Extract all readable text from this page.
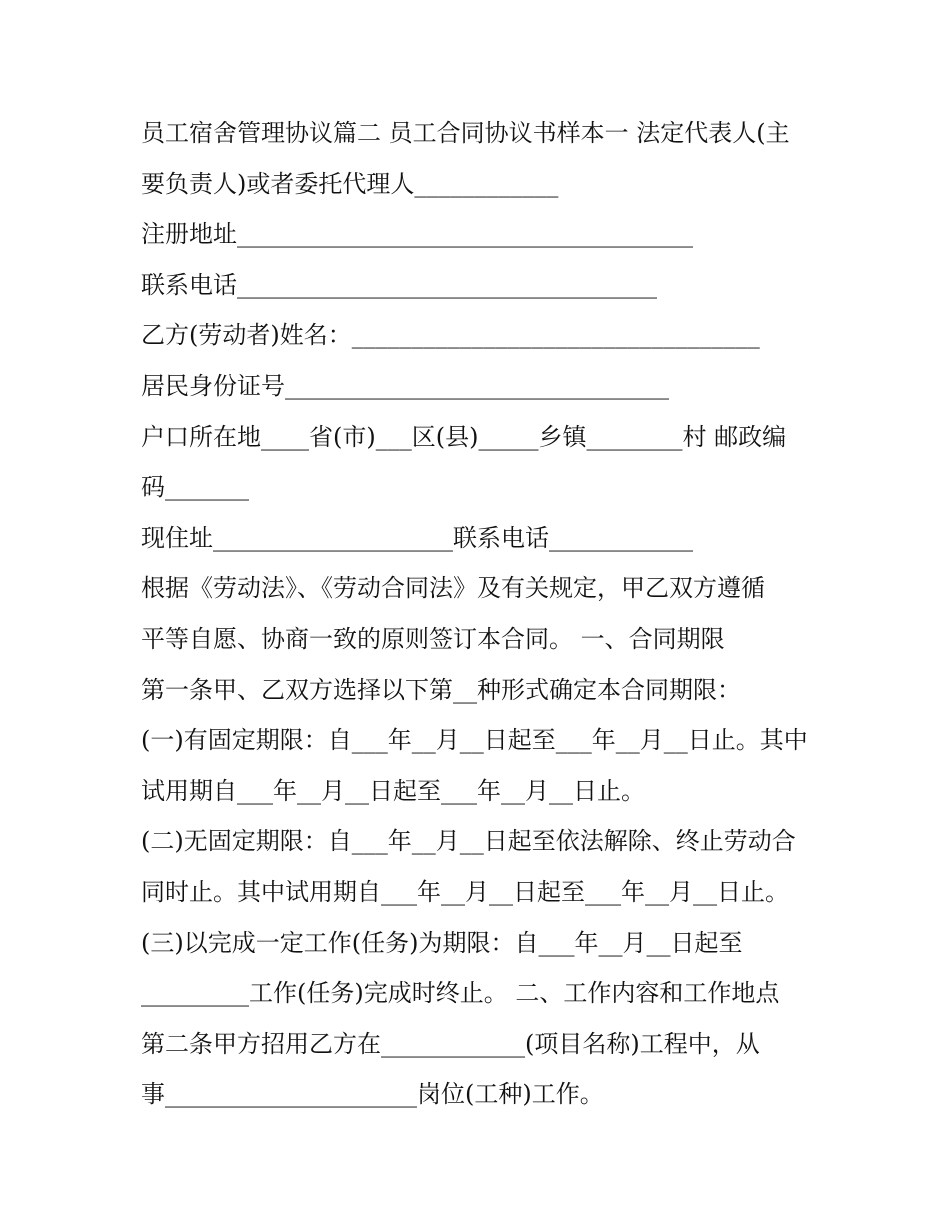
员工宿舍管理协议篇二 员工合同协议书样本一 法定代表人(主
要负责人)或者委托代理人____________
注册地址______________________________________
联系电话___________________________________
乙方(劳动者)姓名：__________________________________
居民身份证号________________________________
户口所在地____省(市)___区(县)_____乡镇________村 邮政编
码_______
现住址____________________联系电话____________
根据《劳动法》、《劳动合同法》及有关规定，甲乙双方遵循
平等自愿、协商一致的原则签订本合同。 一、合同期限
第一条甲、乙双方选择以下第__种形式确定本合同期限：
(一)有固定期限：自___年__月__日起至___年__月__日止。其中
试用期自___年__月__日起至___年__月__日止。
(二)无固定期限：自___年__月__日起至依法解除、终止劳动合
同时止。其中试用期自___年__月__日起至___年__月__日止。
(三)以完成一定工作(任务)为期限：自___年__月__日起至
_________工作(任务)完成时终止。 二、工作内容和工作地点
第二条甲方招用乙方在____________(项目名称)工程中，从
事_____________________岗位(工种)工作。
